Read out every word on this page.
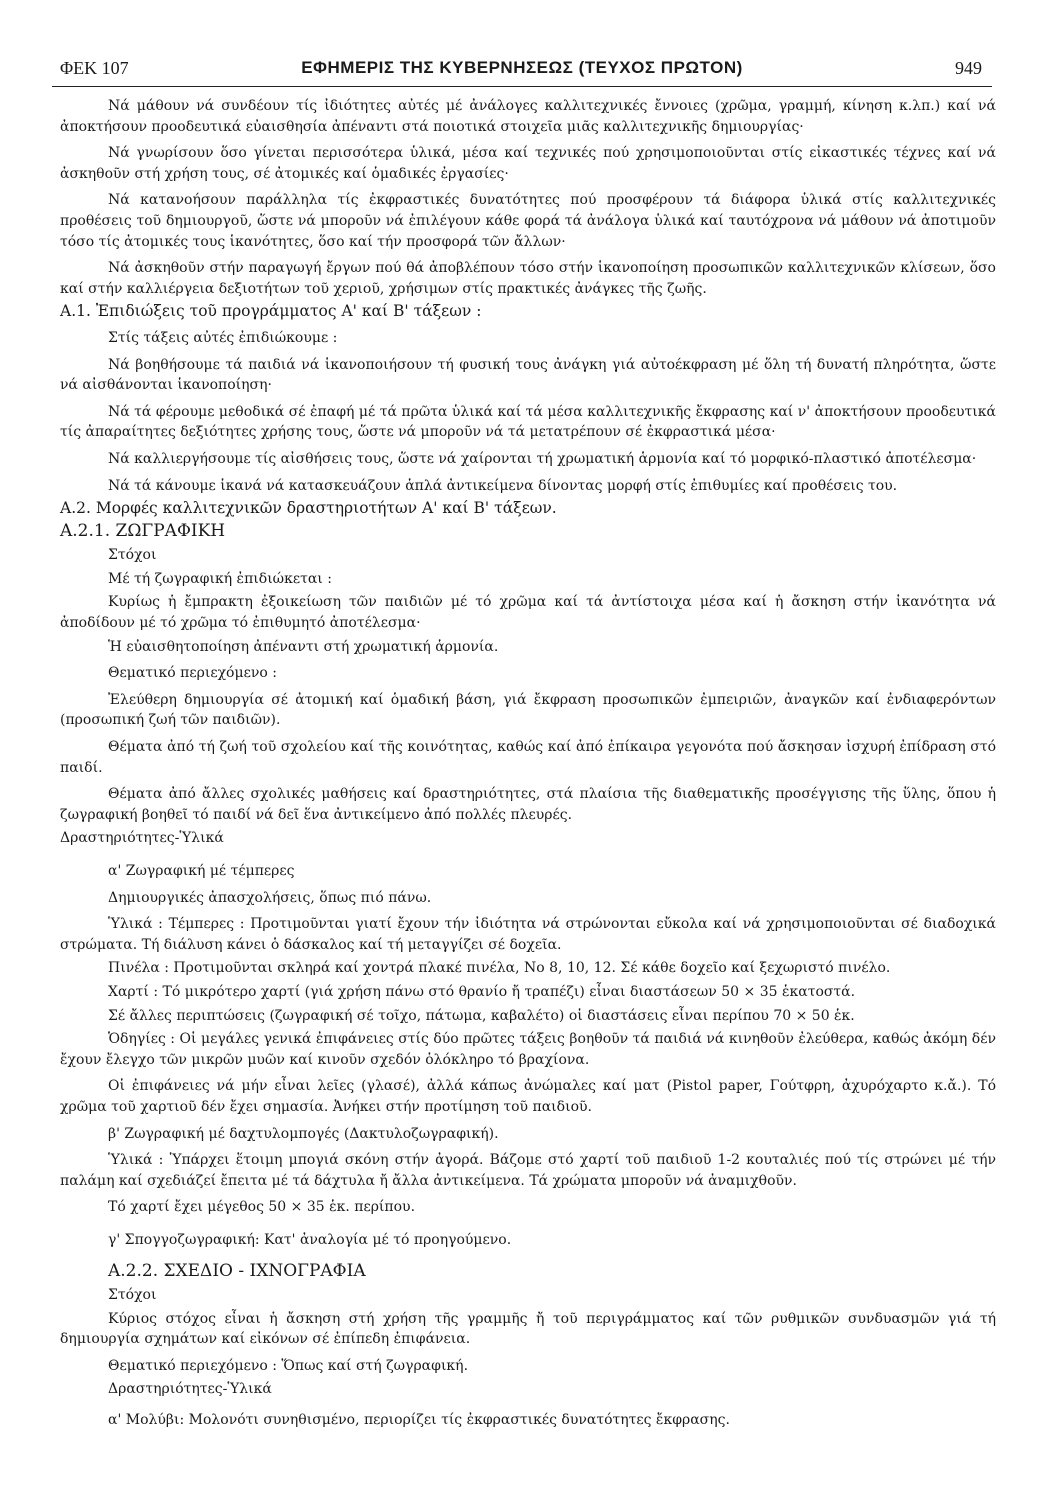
ΦΕΚ 107	ΕΦΗΜΕΡΙΣ ΤΗΣ ΚΥΒΕΡΝΗΣΕΩΣ (ΤΕΥΧΟΣ ΠΡΩΤΟΝ)	949

Νά μάθουν νά συνδέουν τίς ἰδιότητες αὐτές μέ ἀνάλογες καλλιτεχνικές ἔννοιες (χρῶμα, γραμμή, κίνηση κ.λπ.) καί νά ἀποκτήσουν προοδευτικά εὐαισθησία ἀπέναντι στά ποιοτικά στοιχεῖα μιᾶς καλλιτεχνικῆς δημιουργίας·

Νά γνωρίσουν ὅσο γίνεται περισσότερα ὑλικά, μέσα καί τεχνικές πού χρησιμοποιοῦνται στίς εἰκαστικές τέχνες καί νά ἀσκηθοῦν στή χρήση τους, σέ ἀτομικές καί ὁμαδικές ἐργασίες·

Νά κατανοήσουν παράλληλα τίς ἐκφραστικές δυνατότητες πού προσφέρουν τά διάφορα ὑλικά στίς καλλιτεχνικές προθέσεις τοῦ δημιουργοῦ, ὥστε νά μποροῦν νά ἐπιλέγουν κάθε φορά τά ἀνάλογα ὑλικά καί ταυτόχρονα νά μάθουν νά ἀποτιμοῦν τόσο τίς ἀτομικές τους ἱκανότητες, ὅσο καί τήν προσφορά τῶν ἄλλων·

Νά ἀσκηθοῦν στήν παραγωγή ἔργων πού θά ἀποβλέπουν τόσο στήν ἱκανοποίηση προσωπικῶν καλλιτεχνικῶν κλίσεων, ὅσο καί στήν καλλιέργεια δεξιοτήτων τοῦ χεριοῦ, χρήσιμων στίς πρακτικές ἀνάγκες τῆς ζωῆς.

Α.1. Ἐπιδιώξεις τοῦ προγράμματος Α' καί Β' τάξεων :

Στίς τάξεις αὐτές ἐπιδιώκουμε :

Νά βοηθήσουμε τά παιδιά νά ἱκανοποιήσουν τή φυσική τους ἀνάγκη γιά αὐτοέκφραση μέ ὅλη τή δυνατή πληρότητα, ὥστε νά αἰσθάνονται ἱκανοποίηση·

Νά τά φέρουμε μεθοδικά σέ ἐπαφή μέ τά πρῶτα ὑλικά καί τά μέσα καλλιτεχνικῆς ἔκφρασης καί ν' ἀποκτήσουν προοδευτικά τίς ἀπαραίτητες δεξιότητες χρήσης τους, ὥστε νά μποροῦν νά τά μετατρέπουν σέ ἐκφραστικά μέσα·

Νά καλλιεργήσουμε τίς αἰσθήσεις τους, ὥστε νά χαίρονται τή χρωματική ἁρμονία καί τό μορφικό-πλαστικό ἀποτέλεσμα·

Νά τά κάνουμε ἱκανά νά κατασκευάζουν ἁπλά ἀντικείμενα δίνοντας μορφή στίς ἐπιθυμίες καί προθέσεις του.

Α.2. Μορφές καλλιτεχνικῶν δραστηριοτήτων Α' καί Β' τάξεων.

Α.2.1. ΖΩΓΡΑΦΙΚΗ

Στόχοι

Μέ τή ζωγραφική ἐπιδιώκεται :

Κυρίως ἡ ἔμπρακτη ἐξοικείωση τῶν παιδιῶν μέ τό χρῶμα καί τά ἀντίστοιχα μέσα καί ἡ ἄσκηση στήν ἱκανότητα νά ἀποδίδουν μέ τό χρῶμα τό ἐπιθυμητό ἀποτέλεσμα·

Ἡ εὐαισθητοποίηση ἀπέναντι στή χρωματική ἁρμονία.

Θεματικό περιεχόμενο :

Ἐλεύθερη δημιουργία σέ ἀτομική καί ὁμαδική βάση, γιά ἔκφραση προσωπικῶν ἐμπειριῶν, ἀναγκῶν καί ἐνδιαφερόντων (προσωπική ζωή τῶν παιδιῶν).

Θέματα ἀπό τή ζωή τοῦ σχολείου καί τῆς κοινότητας, καθώς καί ἀπό ἐπίκαιρα γεγονότα πού ἄσκησαν ἰσχυρή ἐπίδραση στό παιδί.

Θέματα ἀπό ἄλλες σχολικές μαθήσεις καί δραστηριότητες, στά πλαίσια τῆς διαθεματικῆς προσέγγισης τῆς ὕλης, ὅπου ἡ ζωγραφική βοηθεῖ τό παιδί νά δεῖ ἕνα ἀντικείμενο ἀπό πολλές πλευρές.

Δραστηριότητες-Ὑλικά

α' Ζωγραφική μέ τέμπερες

Δημιουργικές ἀπασχολήσεις, ὅπως πιό πάνω.

Ὑλικά : Τέμπερες : Προτιμοῦνται γιατί ἔχουν τήν ἰδιότητα νά στρώνονται εὔκολα καί νά χρησιμοποιοῦνται σέ διαδοχικά στρώματα. Τή διάλυση κάνει ὁ δάσκαλος καί τή μεταγγίζει σέ δοχεῖα.

Πινέλα : Προτιμοῦνται σκληρά καί χοντρά πλακέ πινέλα, Νο 8, 10, 12. Σέ κάθε δοχεῖο καί ξεχωριστό πινέλο.

Χαρτί : Τό μικρότερο χαρτί (γιά χρήση πάνω στό θρανίο ἤ τραπέζι) εἶναι διαστάσεων 50 × 35 ἑκατοστά.

Σέ ἄλλες περιπτώσεις (ζωγραφική σέ τοῖχο, πάτωμα, καβαλέτο) οἱ διαστάσεις εἶναι περίπου 70 × 50 ἑκ.

Ὁδηγίες : Οἱ μεγάλες γενικά ἐπιφάνειες στίς δύο πρῶτες τάξεις βοηθοῦν τά παιδιά νά κινηθοῦν ἐλεύθερα, καθώς ἀκόμη δέν ἔχουν ἔλεγχο τῶν μικρῶν μυῶν καί κινοῦν σχεδόν ὁλόκληρο τό βραχίονα.

Οἱ ἐπιφάνειες νά μήν εἶναι λεῖες (γλασέ), ἀλλά κάπως ἀνώμαλες καί ματ (Pistol paper, Γούτφρη, ἀχυρόχαρτο κ.ἄ.). Τό χρῶμα τοῦ χαρτιοῦ δέν ἔχει σημασία. Ἀνήκει στήν προτίμηση τοῦ παιδιοῦ.

β' Ζωγραφική μέ δαχτυλομπογές (Δακτυλοζωγραφική).

Ὑλικά : Ὑπάρχει ἕτοιμη μπογιά σκόνη στήν ἀγορά. Βάζομε στό χαρτί τοῦ παιδιοῦ 1-2 κουταλιές πού τίς στρώνει μέ τήν παλάμη καί σχεδιάζεί ἔπειτα μέ τά δάχτυλα ἤ ἄλλα ἀντικείμενα. Τά χρώματα μποροῦν νά ἀναμιχθοῦν.

Τό χαρτί ἔχει μέγεθος 50 × 35 ἑκ. περίπου.

γ' Σπογγοζωγραφική: Κατ' ἀναλογία μέ τό προηγούμενο.

Α.2.2. ΣΧΕΔΙΟ - ΙΧΝΟΓΡΑΦΙΑ

Στόχοι

Κύριος στόχος εἶναι ἡ ἄσκηση στή χρήση τῆς γραμμῆς ἤ τοῦ περιγράμματος καί τῶν ρυθμικῶν συνδυασμῶν γιά τή δημιουργία σχημάτων καί εἰκόνων σέ ἐπίπεδη ἐπιφάνεια.

Θεματικό περιεχόμενο : Ὅπως καί στή ζωγραφική.

Δραστηριότητες-Ὑλικά

α' Μολύβι: Μολονότι συνηθισμένο, περιορίζει τίς ἐκφραστικές δυνατότητες ἔκφρασης.
